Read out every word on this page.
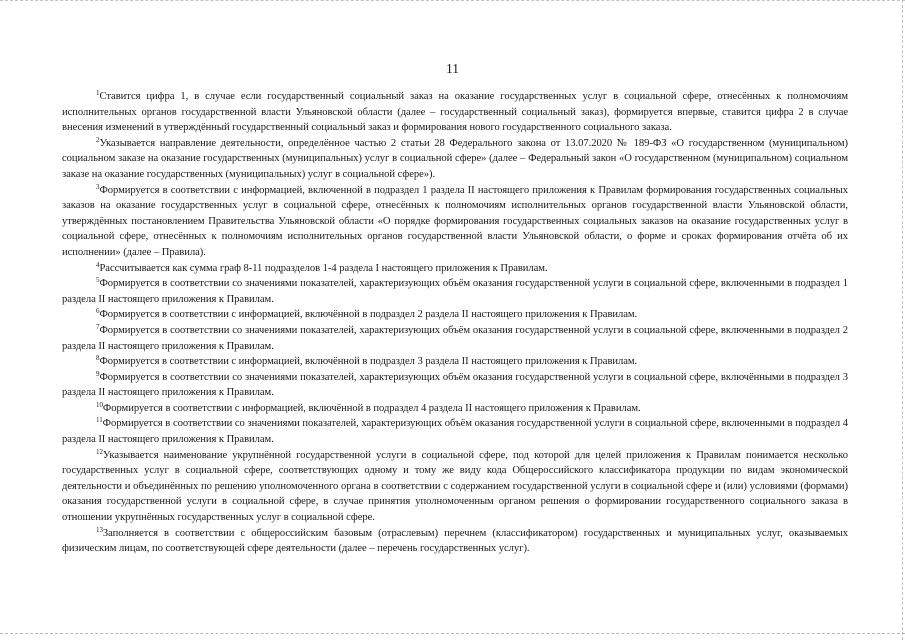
11

$^1$Ставится цифра 1, в случае если государственный социальный заказ на оказание государственных услуг в социальной сфере, отнесённых к полномочиям исполнительных органов государственной власти Ульяновской области (далее – государственный социальный заказ), формируется впервые, ставится цифра 2 в случае внесения изменений в утверждённый государственный социальный заказ и формирования нового государственного социального заказа.

$^2$Указывается направление деятельности, определённое частью 2 статьи 28 Федерального закона от 13.07.2020 № 189-ФЗ «О государственном (муниципальном) социальном заказе на оказание государственных (муниципальных) услуг в социальной сфере» (далее – Федеральный закон «О государственном (муниципальном) социальном заказе на оказание государственных (муниципальных) услуг в социальной сфере»).

$^3$Формируется в соответствии с информацией, включенной в подраздел 1 раздела II настоящего приложения к Правилам формирования государственных социальных заказов на оказание государственных услуг в социальной сфере, отнесённых к полномочиям исполнительных органов государственной власти Ульяновской области, утверждённых постановлением Правительства Ульяновской области «О порядке формирования государственных социальных заказов на оказание государственных услуг в социальной сфере, отнесённых к полномочиям исполнительных органов государственной власти Ульяновской области, о форме и сроках формирования отчёта об их исполнении» (далее – Правила).

$^4$Рассчитывается как сумма граф 8-11 подразделов 1-4 раздела I настоящего приложения к Правилам.

$^5$Формируется в соответствии со значениями показателей, характеризующих объём оказания государственной услуги в социальной сфере, включенными в подраздел 1 раздела II настоящего приложения к Правилам.

$^6$Формируется в соответствии с информацией, включённой в подраздел 2 раздела II настоящего приложения к Правилам.

$^7$Формируется в соответствии со значениями показателей, характеризующих объём оказания государственной услуги в социальной сфере, включенными в подраздел 2 раздела II настоящего приложения к Правилам.

$^8$Формируется в соответствии с информацией, включённой в подраздел 3 раздела II настоящего приложения к Правилам.

$^9$Формируется в соответствии со значениями показателей, характеризующих объём оказания государственной услуги в социальной сфере, включёнными в подраздел 3 раздела II настоящего приложения к Правилам.

$^{10}$Формируется в соответствии с информацией, включённой в подраздел 4 раздела II настоящего приложения к Правилам.

$^{11}$Формируется в соответствии со значениями показателей, характеризующих объём оказания государственной услуги в социальной сфере, включенными в подраздел 4 раздела II настоящего приложения к Правилам.

$^{12}$Указывается наименование укрупнённой государственной услуги в социальной сфере, под которой для целей приложения к Правилам понимается несколько государственных услуг в социальной сфере, соответствующих одному и тому же виду кода Общероссийского классификатора продукции по видам экономической деятельности и объединённых по решению уполномоченного органа в соответствии с содержанием государственной услуги в социальной сфере и (или) условиями (формами) оказания государственной услуги в социальной сфере, в случае принятия уполномоченным органом решения о формировании государственного социального заказа в отношении укрупнённых государственных услуг в социальной сфере.

$^{13}$Заполняется в соответствии с общероссийским базовым (отраслевым) перечнем (классификатором) государственных и муниципальных услуг, оказываемых физическим лицам, по соответствующей сфере деятельности (далее – перечень государственных услуг).
